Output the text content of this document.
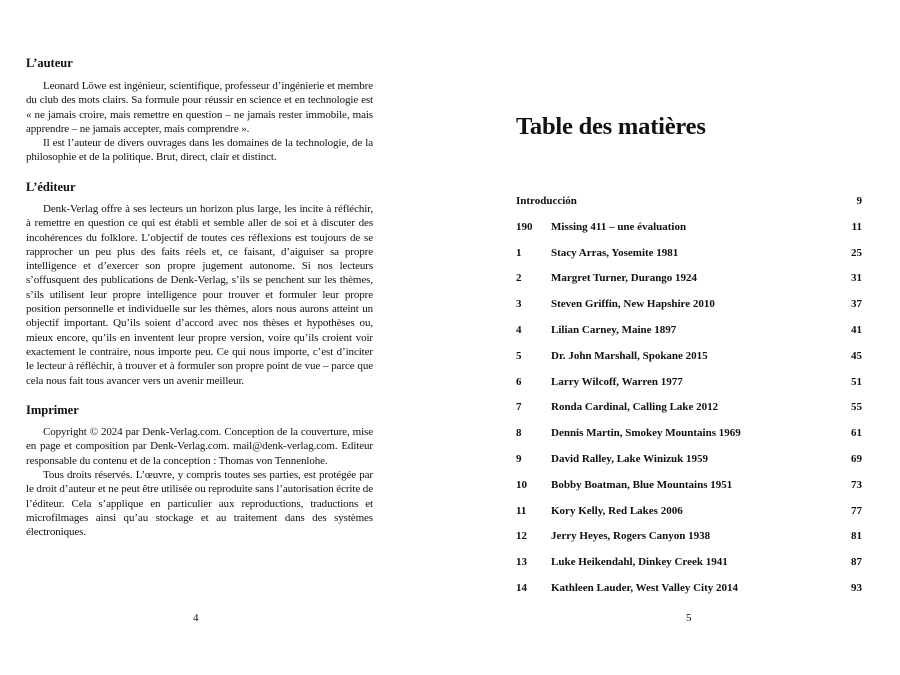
L’auteur

Leonard Löwe est ingénieur, scientifique, professeur d’ingénierie et membre du club des mots clairs. Sa formule pour réussir en science et en technologie est « ne jamais croire, mais remettre en question – ne jamais rester immobile, mais apprendre – ne jamais accepter, mais comprendre ».

Il est l’auteur de divers ouvrages dans les domaines de la technologie, de la philosophie et de la politique. Brut, direct, clair et distinct.

L’éditeur

Denk-Verlag offre à ses lecteurs un horizon plus large, les incite à réfléchir, à remettre en question ce qui est établi et semble aller de soi et à discuter des incohérences du folklore. L’objectif de toutes ces réflexions est toujours de se rapprocher un peu plus des faits réels et, ce faisant, d’aiguiser sa propre intelligence et d’exercer son propre jugement autonome. Si nos lecteurs s’offusquent des publications de Denk-Verlag, s’ils se penchent sur les thèmes, s’ils utilisent leur propre intelligence pour trouver et formuler leur propre position personnelle et individuelle sur les thèmes, alors nous aurons atteint un objectif important. Qu’ils soient d’accord avec nos thèses et hypothèses ou, mieux encore, qu’ils en inventent leur propre version, voire qu’ils croient voir exactement le contraire, nous importe peu. Ce qui nous importe, c’est d’inciter le lecteur à réfléchir, à trouver et à formuler son propre point de vue – parce que cela nous fait tous avancer vers un avenir meilleur.

Imprimer

Copyright © 2024 par Denk-Verlag.com. Conception de la couverture, mise en page et composition par Denk-Verlag.com. mail@denk-verlag.com. Editeur responsable du contenu et de la conception : Thomas von Tennenlohe.

Tous droits réservés. L’œuvre, y compris toutes ses parties, est protégée par le droit d’auteur et ne peut être utilisée ou reproduite sans l’autorisation écrite de l’éditeur. Cela s’applique en particulier aux reproductions, traductions et microfilmages ainsi qu’au stockage et au traitement dans des systèmes électroniques.

4
Table des matières
Introducción	9
190 Missing 411 – une évaluation	11
1	Stacy Arras, Yosemite 1981	25
2	Margret Turner, Durango 1924	31
3	Steven Griffin, New Hapshire 2010	37
4	Lilian Carney, Maine 1897	41
5	Dr. John Marshall, Spokane 2015	45
6	Larry Wilcoff, Warren 1977	51
7	Ronda Cardinal, Calling Lake 2012	55
8	Dennis Martin, Smokey Mountains 1969	61
9	David Ralley, Lake Winizuk 1959	69
10 Bobby Boatman, Blue Mountains 1951	73
11 Kory Kelly, Red Lakes 2006	77
12 Jerry Heyes, Rogers Canyon 1938	81
13 Luke Heikendahl, Dinkey Creek 1941	87
14 Kathleen Lauder, West Valley City 2014	93
5
